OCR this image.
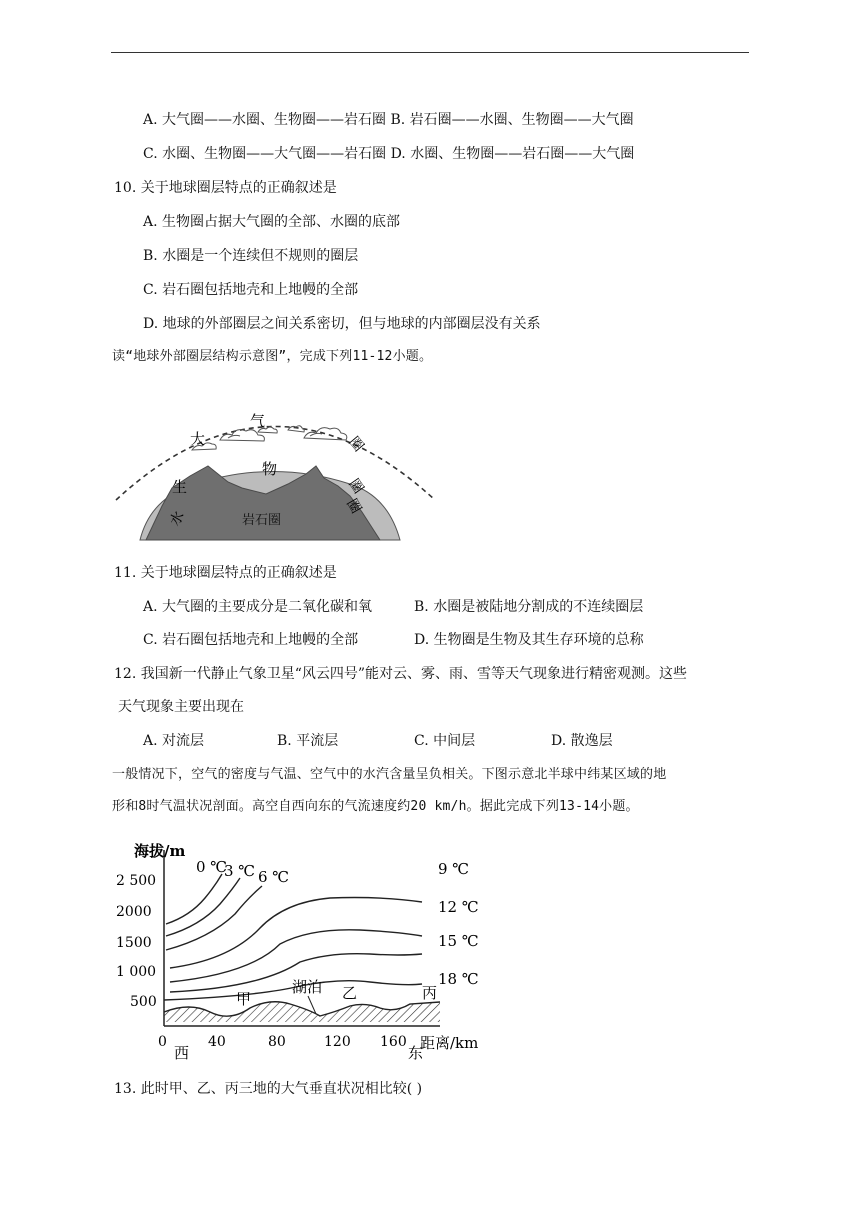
A. 大气圈——水圈、生物圈——岩石圈 B. 岩石圈——水圈、生物圈——大气圈
C. 水圈、生物圈——大气圈——岩石圈 D. 水圈、生物圈——岩石圈——大气圈
10. 关于地球圈层特点的正确叙述是
A. 生物圈占据大气圈的全部、水圈的底部
B. 水圈是一个连续但不规则的圈层
C. 岩石圈包括地壳和上地幔的全部
D. 地球的外部圈层之间关系密切，但与地球的内部圈层没有关系
读“地球外部圈层结构示意图”，完成下列11-12小题。
大
气
圈
生
物
圈
圈
水	岩石圈
11. 关于地球圈层特点的正确叙述是
A. 大气圈的主要成分是二氧化碳和氧	B. 水圈是被陆地分割成的不连续圈层
C. 岩石圈包括地壳和上地幔的全部	D. 生物圈是生物及其生存环境的总称
12. 我国新一代静止气象卫星“风云四号”能对云、雾、雨、雪等天气现象进行精密观测。这些
天气现象主要出现在
A. 对流层	B. 平流层	C. 中间层	D. 散逸层
一般情况下，空气的密度与气温、空气中的水汽含量呈负相关。下图示意北半球中纬某区域的地
形和8时气温状况剖面。高空自西向东的气流速度约20 km/h。据此完成下列13-14小题。
海拔/m
2 500
2000
1500
1 000
500
0	40	80	120 160
西	东
距离/km
0 ℃
3 ℃ 6 ℃	9 ℃
12 ℃
15 ℃
18 ℃
甲
湖泊 乙	丙
13. 此时甲、乙、丙三地的大气垂直状况相比较( )
